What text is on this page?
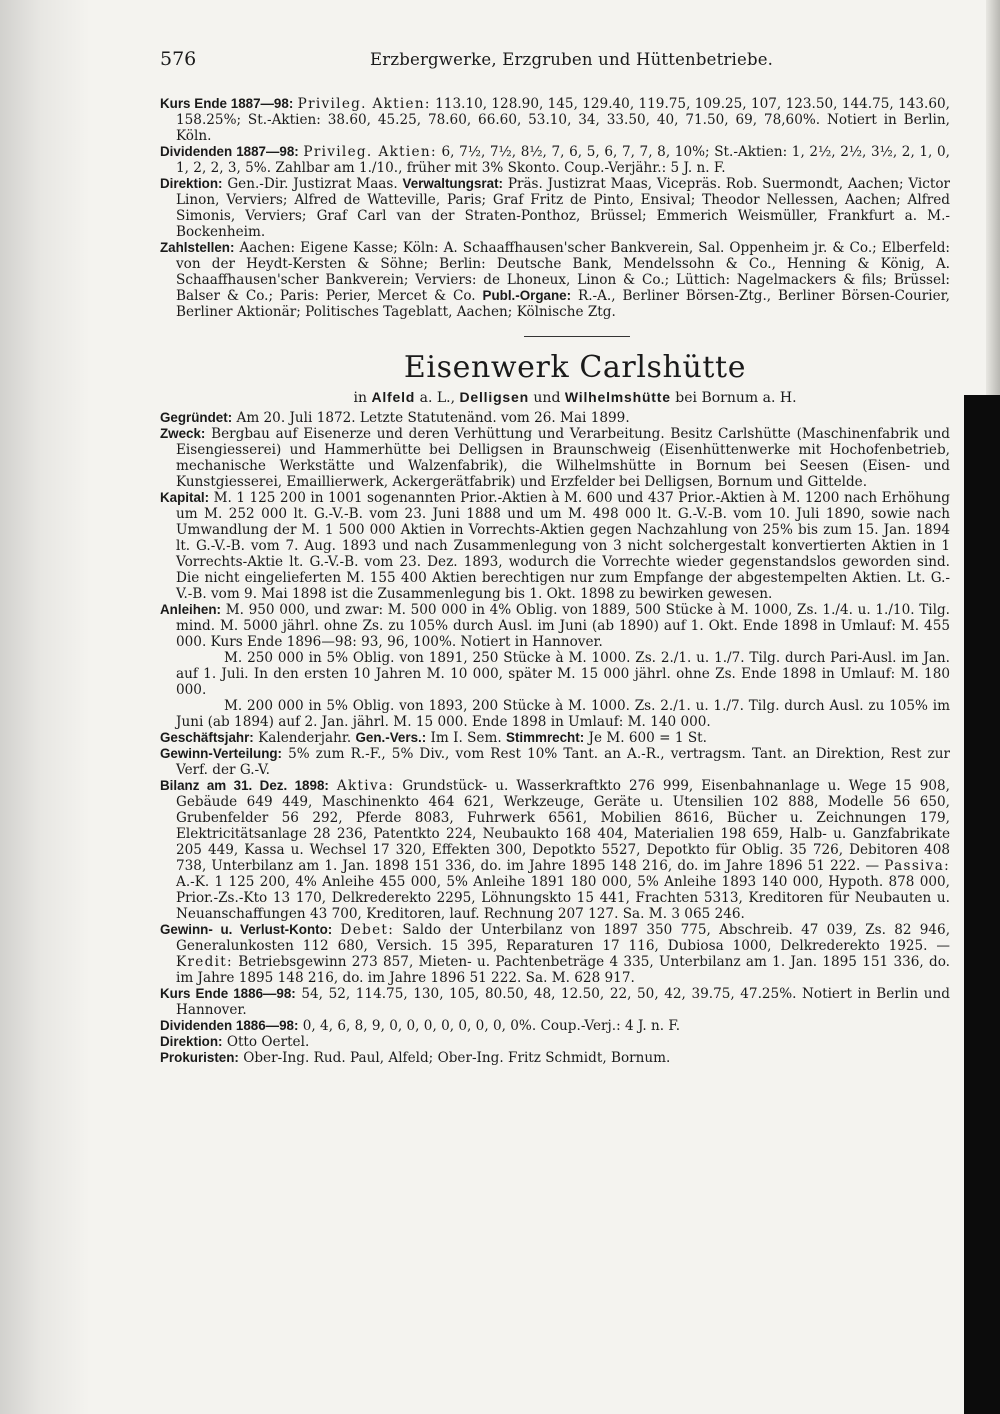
576	Erzbergwerke, Erzgruben und Hüttenbetriebe.

Kurs Ende 1887—98: Privileg. Aktien: 113.10, 128.90, 145, 129.40, 119.75, 109.25, 107, 123.50, 144.75, 143.60, 158.25%; St.-Aktien: 38.60, 45.25, 78.60, 66.60, 53.10, 34, 33.50, 40, 71.50, 69, 78,60%. Notiert in Berlin, Köln.

Dividenden 1887—98: Privileg. Aktien: 6, 7½, 7½, 8½, 7, 6, 5, 6, 7, 7, 8, 10%; St.-Aktien: 1, 2½, 2½, 3½, 2, 1, 0, 1, 2, 2, 3, 5%. Zahlbar am 1./10., früher mit 3% Skonto. Coup.-Verjähr.: 5 J. n. F.

Direktion: Gen.-Dir. Justizrat Maas. Verwaltungsrat: Präs. Justizrat Maas, Vicepräs. Rob. Suermondt, Aachen; Victor Linon, Verviers; Alfred de Watteville, Paris; Graf Fritz de Pinto, Ensival; Theodor Nellessen, Aachen; Alfred Simonis, Verviers; Graf Carl van der Straten-Ponthoz, Brüssel; Emmerich Weismüller, Frankfurt a. M.-Bockenheim.

Zahlstellen: Aachen: Eigene Kasse; Köln: A. Schaaffhausen'scher Bankverein, Sal. Oppenheim jr. & Co.; Elberfeld: von der Heydt-Kersten & Söhne; Berlin: Deutsche Bank, Mendelssohn & Co., Henning & König, A. Schaaffhausen'scher Bankverein; Verviers: de Lhoneux, Linon & Co.; Lüttich: Nagelmackers & fils; Brüssel: Balser & Co.; Paris: Perier, Mercet & Co. Publ.-Organe: R.-A., Berliner Börsen-Ztg., Berliner Börsen-Courier, Berliner Aktionär; Politisches Tageblatt, Aachen; Kölnische Ztg.

Eisenwerk Carlshütte
in Alfeld a. L., Delligsen und Wilhelmshütte bei Bornum a. H.

Gegründet: Am 20. Juli 1872. Letzte Statutenänd. vom 26. Mai 1899.

Zweck: Bergbau auf Eisenerze und deren Verhüttung und Verarbeitung. Besitz Carlshütte (Maschinenfabrik und Eisengiesserei) und Hammerhütte bei Delligsen in Braunschweig (Eisenhüttenwerke mit Hochofenbetrieb, mechanische Werkstätte und Walzenfabrik), die Wilhelmshütte in Bornum bei Seesen (Eisen- und Kunstgiesserei, Emaillierwerk, Ackergerätfabrik) und Erzfelder bei Delligsen, Bornum und Gittelde.

Kapital: M. 1 125 200 in 1001 sogenannten Prior.-Aktien à M. 600 und 437 Prior.-Aktien à M. 1200 nach Erhöhung um M. 252 000 lt. G.-V.-B. vom 23. Juni 1888 und um M. 498 000 lt. G.-V.-B. vom 10. Juli 1890, sowie nach Umwandlung der M. 1 500 000 Aktien in Vorrechts-Aktien gegen Nachzahlung von 25% bis zum 15. Jan. 1894 lt. G.-V.-B. vom 7. Aug. 1893 und nach Zusammenlegung von 3 nicht solchergestalt konvertierten Aktien in 1 Vorrechts-Aktie lt. G.-V.-B. vom 23. Dez. 1893, wodurch die Vorrechte wieder gegenstandslos geworden sind. Die nicht eingelieferten M. 155 400 Aktien berechtigen nur zum Empfange der abgestempelten Aktien. Lt. G.-V.-B. vom 9. Mai 1898 ist die Zusammenlegung bis 1. Okt. 1898 zu bewirken gewesen.

Anleihen: M. 950 000, und zwar: M. 500 000 in 4% Oblig. von 1889, 500 Stücke à M. 1000, Zs. 1./4. u. 1./10. Tilg. mind. M. 5000 jährl. ohne Zs. zu 105% durch Ausl. im Juni (ab 1890) auf 1. Okt. Ende 1898 in Umlauf: M. 455 000. Kurs Ende 1896—98: 93, 96, 100%. Notiert in Hannover.

M. 250 000 in 5% Oblig. von 1891, 250 Stücke à M. 1000. Zs. 2./1. u. 1./7. Tilg. durch Pari-Ausl. im Jan. auf 1. Juli. In den ersten 10 Jahren M. 10 000, später M. 15 000 jährl. ohne Zs. Ende 1898 in Umlauf: M. 180 000.

M. 200 000 in 5% Oblig. von 1893, 200 Stücke à M. 1000. Zs. 2./1. u. 1./7. Tilg. durch Ausl. zu 105% im Juni (ab 1894) auf 2. Jan. jährl. M. 15 000. Ende 1898 in Umlauf: M. 140 000.

Geschäftsjahr: Kalenderjahr. Gen.-Vers.: Im I. Sem. Stimmrecht: Je M. 600 = 1 St.

Gewinn-Verteilung: 5% zum R.-F., 5% Div., vom Rest 10% Tant. an A.-R., vertragsm. Tant. an Direktion, Rest zur Verf. der G.-V.

Bilanz am 31. Dez. 1898: Aktiva: Grundstück- u. Wasserkraftkto 276 999, Eisenbahnanlage u. Wege 15 908, Gebäude 649 449, Maschinenkto 464 621, Werkzeuge, Geräte u. Utensilien 102 888, Modelle 56 650, Grubenfelder 56 292, Pferde 8083, Fuhrwerk 6561, Mobilien 8616, Bücher u. Zeichnungen 179, Elektricitätsanlage 28 236, Patentkto 224, Neubaukto 168 404, Materialien 198 659, Halb- u. Ganzfabrikate 205 449, Kassa u. Wechsel 17 320, Effekten 300, Depotkto 5527, Depotkto für Oblig. 35 726, Debitoren 408 738, Unterbilanz am 1. Jan. 1898 151 336, do. im Jahre 1895 148 216, do. im Jahre 1896 51 222. — Passiva: A.-K. 1 125 200, 4% Anleihe 455 000, 5% Anleihe 1891 180 000, 5% Anleihe 1893 140 000, Hypoth. 878 000, Prior.-Zs.-Kto 13 170, Delkrederekto 2295, Löhnungskto 15 441, Frachten 5313, Kreditoren für Neubauten u. Neuanschaffungen 43 700, Kreditoren, lauf. Rechnung 207 127. Sa. M. 3 065 246.

Gewinn- u. Verlust-Konto: Debet: Saldo der Unterbilanz von 1897 350 775, Abschreib. 47 039, Zs. 82 946, Generalunkosten 112 680, Versich. 15 395, Reparaturen 17 116, Dubiosa 1000, Delkrederekto 1925. — Kredit: Betriebsgewinn 273 857, Mieten- u. Pachtenbeträge 4 335, Unterbilanz am 1. Jan. 1895 151 336, do. im Jahre 1895 148 216, do. im Jahre 1896 51 222. Sa. M. 628 917.

Kurs Ende 1886—98: 54, 52, 114.75, 130, 105, 80.50, 48, 12.50, 22, 50, 42, 39.75, 47.25%. Notiert in Berlin und Hannover.

Dividenden 1886—98: 0, 4, 6, 8, 9, 0, 0, 0, 0, 0, 0, 0, 0%. Coup.-Verj.: 4 J. n. F.

Direktion: Otto Oertel.

Prokuristen: Ober-Ing. Rud. Paul, Alfeld; Ober-Ing. Fritz Schmidt, Bornum.
